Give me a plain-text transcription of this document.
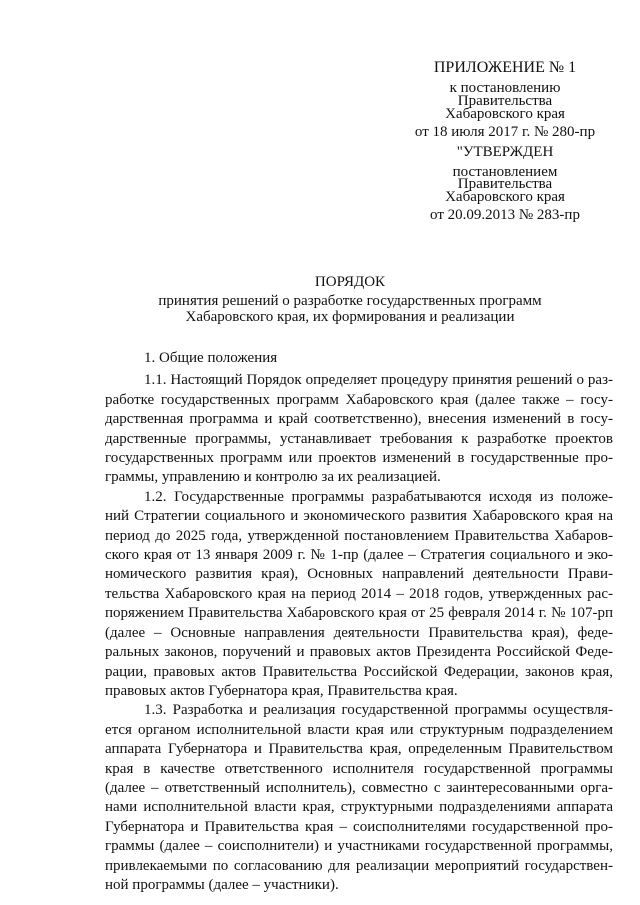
ПРИЛОЖЕНИЕ № 1
к постановлению
Правительства
Хабаровского края
от 18 июля 2017 г. № 280-пр
"УТВЕРЖДЕН
постановлением
Правительства
Хабаровского края
от 20.09.2013 № 283-пр
ПОРЯДОК
принятия решений о разработке государственных программ
Хабаровского края, их формирования и реализации
1. Общие положения
1.1. Настоящий Порядок определяет процедуру принятия решений о раз-
работке государственных программ Хабаровского края (далее также – госу-
дарственная программа и край соответственно), внесения изменений в госу-
дарственные программы, устанавливает требования к разработке проектов
государственных программ или проектов изменений в государственные про-
граммы, управлению и контролю за их реализацией.
1.2. Государственные программы разрабатываются исходя из положе-
ний Стратегии социального и экономического развития Хабаровского края на
период до 2025 года, утвержденной постановлением Правительства Хабаров-
ского края от 13 января 2009 г. № 1-пр (далее – Стратегия социального и эко-
номического развития края), Основных направлений деятельности Прави-
тельства Хабаровского края на период 2014 – 2018 годов, утвержденных рас-
поряжением Правительства Хабаровского края от 25 февраля 2014 г. № 107-рп
(далее – Основные направления деятельности Правительства края), феде-
ральных законов, поручений и правовых актов Президента Российской Феде-
рации, правовых актов Правительства Российской Федерации, законов края,
правовых актов Губернатора края, Правительства края.
1.3. Разработка и реализация государственной программы осуществля-
ется органом исполнительной власти края или структурным подразделением
аппарата Губернатора и Правительства края, определенным Правительством
края в качестве ответственного исполнителя государственной программы
(далее – ответственный исполнитель), совместно с заинтересованными орга-
нами исполнительной власти края, структурными подразделениями аппарата
Губернатора и Правительства края – соисполнителями государственной про-
граммы (далее – соисполнители) и участниками государственной программы,
привлекаемыми по согласованию для реализации мероприятий государствен-
ной программы (далее – участники).
